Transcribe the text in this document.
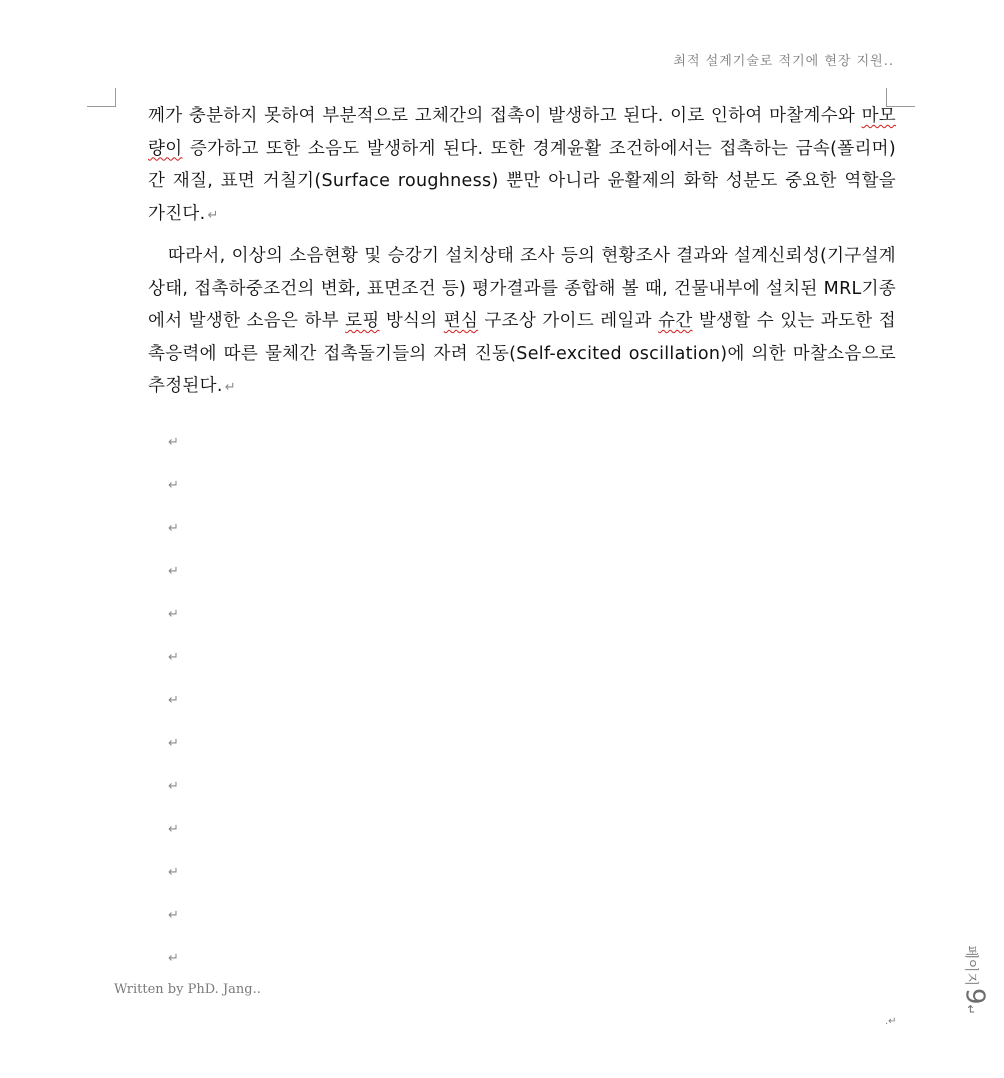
최적 설계기술로 적기에 현장 지원..

께가 충분하지 못하여 부분적으로 고체간의 접촉이 발생하고 된다. 이로 인하여 마찰계수와 마모량이 증가하고 또한 소음도 발생하게 된다. 또한 경계윤활 조건하에서는 접촉하는 금속(폴리머)간 재질, 표면 거칠기(Surface roughness) 뿐만 아니라 윤활제의 화학 성분도 중요한 역할을 가진다. ↵

따라서, 이상의 소음현황 및 승강기 설치상태 조사 등의 현황조사 결과와 설계신뢰성(기구설계상태, 접촉하중조건의 변화, 표면조건 등) 평가결과를 종합해 볼 때, 건물내부에 설치된 MRL기종에서 발생한 소음은 하부 로핑 방식의 편심 구조상 가이드 레일과 슈간 발생할 수 있는 과도한 접촉응력에 따른 물체간 접촉돌기들의 자려 진동(Self-excited oscillation)에 의한 마찰소음으로 추정된다. ↵

↵
↵
↵
↵
↵
↵
↵
↵
↵
↵
↵
↵
↵
Written by PhD. Jang..
페이지9↵
.↵
